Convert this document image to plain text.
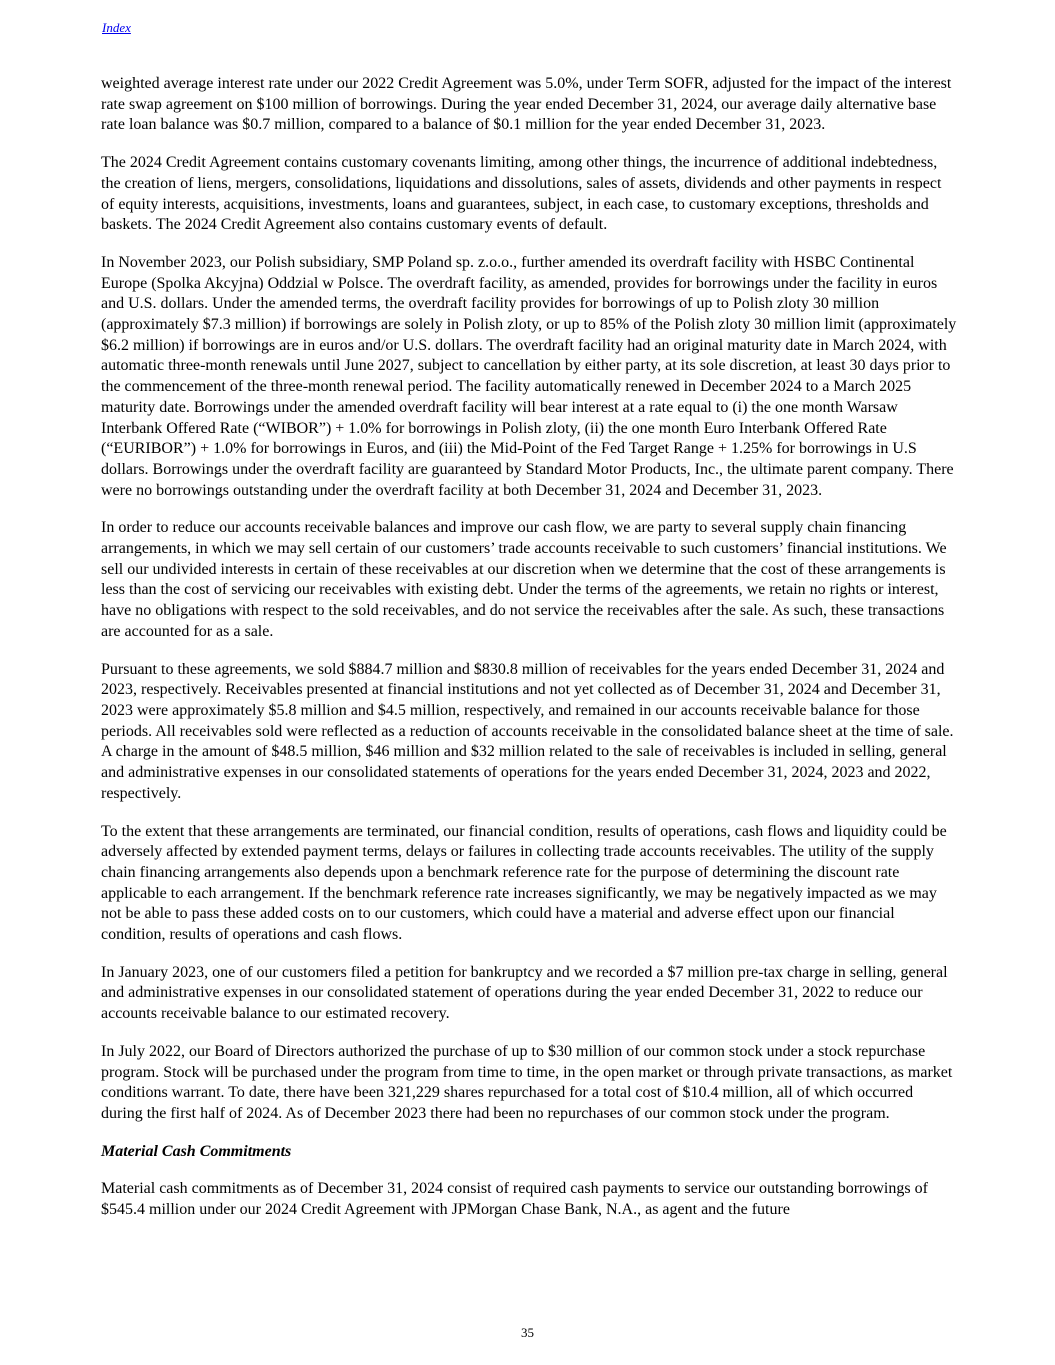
Index

weighted average interest rate under our 2022 Credit Agreement was 5.0%, under Term SOFR, adjusted for the impact of the interest rate swap agreement on $100 million of borrowings. During the year ended December 31, 2024, our average daily alternative base rate loan balance was $0.7 million, compared to a balance of $0.1 million for the year ended December 31, 2023.

The 2024 Credit Agreement contains customary covenants limiting, among other things, the incurrence of additional indebtedness, the creation of liens, mergers, consolidations, liquidations and dissolutions, sales of assets, dividends and other payments in respect of equity interests, acquisitions, investments, loans and guarantees, subject, in each case, to customary exceptions, thresholds and baskets. The 2024 Credit Agreement also contains customary events of default.

In November 2023, our Polish subsidiary, SMP Poland sp. z.o.o., further amended its overdraft facility with HSBC Continental Europe (Spolka Akcyjna) Oddzial w Polsce. The overdraft facility, as amended, provides for borrowings under the facility in euros and U.S. dollars. Under the amended terms, the overdraft facility provides for borrowings of up to Polish zloty 30 million (approximately $7.3 million) if borrowings are solely in Polish zloty, or up to 85% of the Polish zloty 30 million limit (approximately $6.2 million) if borrowings are in euros and/or U.S. dollars. The overdraft facility had an original maturity date in March 2024, with automatic three-month renewals until June 2027, subject to cancellation by either party, at its sole discretion, at least 30 days prior to the commencement of the three-month renewal period. The facility automatically renewed in December 2024 to a March 2025 maturity date. Borrowings under the amended overdraft facility will bear interest at a rate equal to (i) the one month Warsaw Interbank Offered Rate (“WIBOR”) + 1.0% for borrowings in Polish zloty, (ii) the one month Euro Interbank Offered Rate (“EURIBOR”) + 1.0% for borrowings in Euros, and (iii) the Mid-Point of the Fed Target Range + 1.25% for borrowings in U.S dollars. Borrowings under the overdraft facility are guaranteed by Standard Motor Products, Inc., the ultimate parent company. There were no borrowings outstanding under the overdraft facility at both December 31, 2024 and December 31, 2023.

In order to reduce our accounts receivable balances and improve our cash flow, we are party to several supply chain financing arrangements, in which we may sell certain of our customers’ trade accounts receivable to such customers’ financial institutions. We sell our undivided interests in certain of these receivables at our discretion when we determine that the cost of these arrangements is less than the cost of servicing our receivables with existing debt. Under the terms of the agreements, we retain no rights or interest, have no obligations with respect to the sold receivables, and do not service the receivables after the sale. As such, these transactions are accounted for as a sale.

Pursuant to these agreements, we sold $884.7 million and $830.8 million of receivables for the years ended December 31, 2024 and 2023, respectively. Receivables presented at financial institutions and not yet collected as of December 31, 2024 and December 31, 2023 were approximately $5.8 million and $4.5 million, respectively, and remained in our accounts receivable balance for those periods. All receivables sold were reflected as a reduction of accounts receivable in the consolidated balance sheet at the time of sale. A charge in the amount of $48.5 million, $46 million and $32 million related to the sale of receivables is included in selling, general and administrative expenses in our consolidated statements of operations for the years ended December 31, 2024, 2023 and 2022, respectively.

To the extent that these arrangements are terminated, our financial condition, results of operations, cash flows and liquidity could be adversely affected by extended payment terms, delays or failures in collecting trade accounts receivables. The utility of the supply chain financing arrangements also depends upon a benchmark reference rate for the purpose of determining the discount rate applicable to each arrangement. If the benchmark reference rate increases significantly, we may be negatively impacted as we may not be able to pass these added costs on to our customers, which could have a material and adverse effect upon our financial condition, results of operations and cash flows.

In January 2023, one of our customers filed a petition for bankruptcy and we recorded a $7 million pre-tax charge in selling, general and administrative expenses in our consolidated statement of operations during the year ended December 31, 2022 to reduce our accounts receivable balance to our estimated recovery.

In July 2022, our Board of Directors authorized the purchase of up to $30 million of our common stock under a stock repurchase program. Stock will be purchased under the program from time to time, in the open market or through private transactions, as market conditions warrant. To date, there have been 321,229 shares repurchased for a total cost of $10.4 million, all of which occurred during the first half of 2024. As of December 2023 there had been no repurchases of our common stock under the program.

Material Cash Commitments

Material cash commitments as of December 31, 2024 consist of required cash payments to service our outstanding borrowings of $545.4 million under our 2024 Credit Agreement with JPMorgan Chase Bank, N.A., as agent and the future

35
